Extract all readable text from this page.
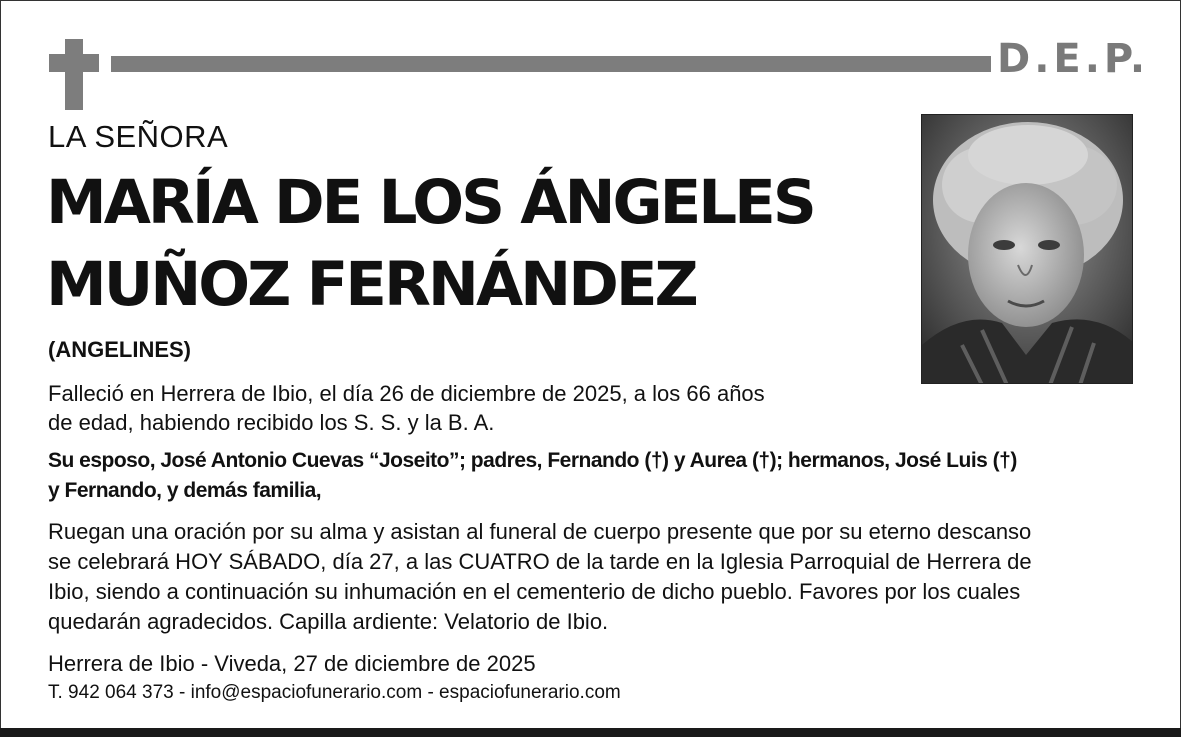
D.E.P.

LA SEÑORA

MARÍA DE LOS ÁNGELES

MUÑOZ FERNÁNDEZ

(ANGELINES)

Falleció en Herrera de Ibio, el día 26 de diciembre de 2025, a los 66 años
de edad, habiendo recibido los S. S. y la B. A.
Su esposo, José Antonio Cuevas “Joseito”; padres, Fernando (†) y Aurea (†); hermanos, José Luis (†)
y Fernando, y demás familia,
Ruegan una oración por su alma y asistan al funeral de cuerpo presente que por su eterno descanso
se celebrará HOY SÁBADO, día 27, a las CUATRO de la tarde en la Iglesia Parroquial de Herrera de
Ibio, siendo a continuación su inhumación en el cementerio de dicho pueblo. Favores por los cuales
quedarán agradecidos. Capilla ardiente: Velatorio de Ibio.

Herrera de Ibio - Viveda, 27 de diciembre de 2025

T. 942 064 373 - info@espaciofunerario.com - espaciofunerario.com
